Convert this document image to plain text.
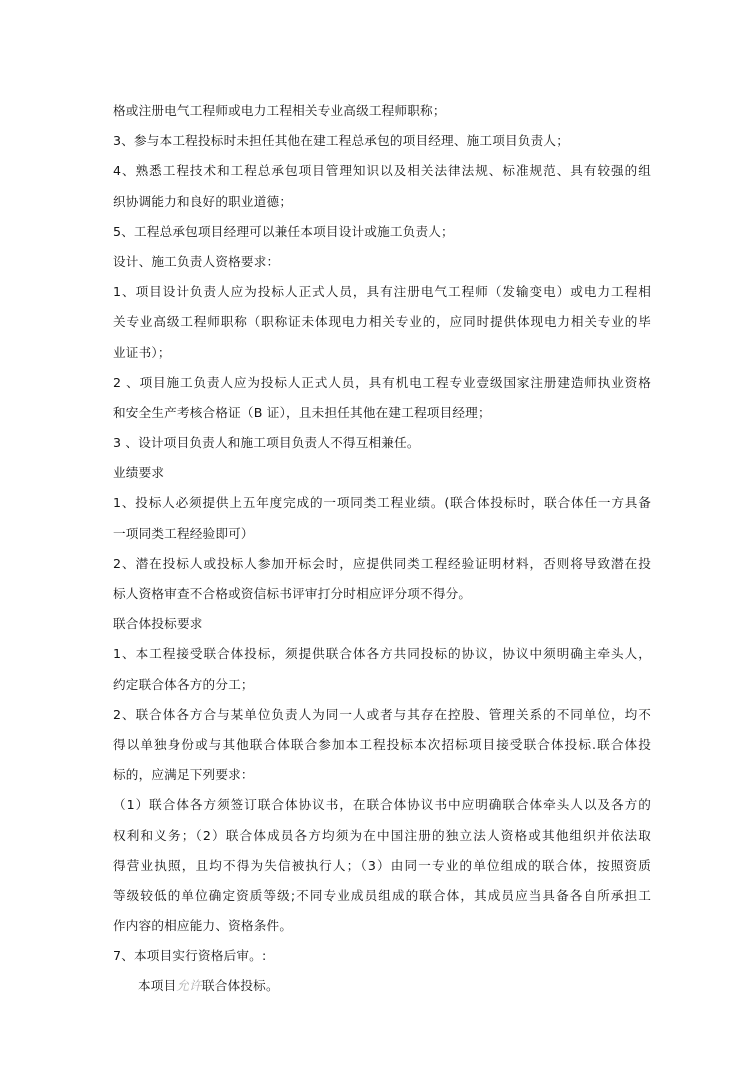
格或注册电气工程师或电力工程相关专业高级工程师职称；
3、参与本工程投标时未担任其他在建工程总承包的项目经理、施工项目负责人；
4、熟悉工程技术和工程总承包项目管理知识以及相关法律法规、标准规范、具有较强的组
织协调能力和良好的职业道德；
5、工程总承包项目经理可以兼任本项目设计或施工负责人；
设计、施工负责人资格要求：
1、项目设计负责人应为投标人正式人员，具有注册电气工程师（发输变电）或电力工程相
关专业高级工程师职称（职称证未体现电力相关专业的，应同时提供体现电力相关专业的毕
业证书）；
2 、项目施工负责人应为投标人正式人员，具有机电工程专业壹级国家注册建造师执业资格
和安全生产考核合格证（B 证），且未担任其他在建工程项目经理；
3 、设计项目负责人和施工项目负责人不得互相兼任。
业绩要求
1、投标人必须提供上五年度完成的一项同类工程业绩。(联合体投标时，联合体任一方具备
一项同类工程经验即可）
2、潜在投标人或投标人参加开标会时，应提供同类工程经验证明材料，否则将导致潜在投
标人资格审查不合格或资信标书评审打分时相应评分项不得分。
联合体投标要求
1、本工程接受联合体投标，须提供联合体各方共同投标的协议，协议中须明确主牵头人，
约定联合体各方的分工；
2、联合体各方合与某单位负责人为同一人或者与其存在控股、管理关系的不同单位，均不
得以单独身份或与其他联合体联合参加本工程投标本次招标项目接受联合体投标.联合体投
标的，应满足下列要求：
（1）联合体各方须签订联合体协议书，在联合体协议书中应明确联合体牵头人以及各方的
权利和义务；（2）联合体成员各方均须为在中国注册的独立法人资格或其他组织并依法取
得营业执照，且均不得为失信被执行人；（3）由同一专业的单位组成的联合体，按照资质
等级较低的单位确定资质等级;不同专业成员组成的联合体，其成员应当具备各自所承担工
作内容的相应能力、资格条件。
7、本项目实行资格后审。:
本项目允许联合体投标。
